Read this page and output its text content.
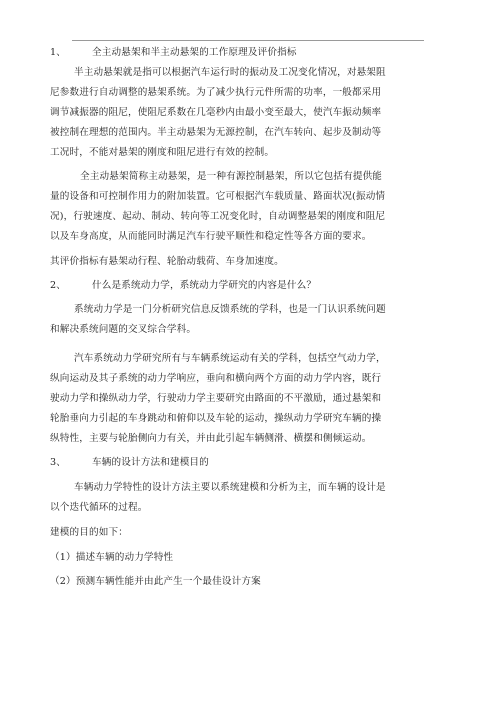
1、	全主动悬架和半主动悬架的工作原理及评价指标
半主动悬架就是指可以根据汽车运行时的振动及工况变化情况，对悬架阻
尼参数进行自动调整的悬架系统。为了减少执行元件所需的功率，一般都采用
调节减振器的阻尼，使阻尼系数在几毫秒内由最小变至最大，使汽车振动频率
被控制在理想的范围内。半主动悬架为无源控制，在汽车转向、起步及制动等
工况时，不能对悬架的刚度和阻尼进行有效的控制。
全主动悬架简称主动悬架，是一种有源控制悬架，所以它包括有提供能
量的设备和可控制作用力的附加装置。它可根据汽车载质量、路面状况(振动情
况)，行驶速度、起动、制动、转向等工况变化时，自动调整悬架的刚度和阻尼
以及车身高度，从而能同时满足汽车行驶平顺性和稳定性等各方面的要求。
其评价指标有悬架动行程、轮胎动载荷、车身加速度。
2、	什么是系统动力学，系统动力学研究的内容是什么？
系统动力学是一门分析研究信息反馈系统的学科，也是一门认识系统问题
和解决系统问题的交叉综合学科。
汽车系统动力学研究所有与车辆系统运动有关的学科，包括空气动力学，
纵向运动及其子系统的动力学响应，垂向和横向两个方面的动力学内容，既行
驶动力学和操纵动力学，行驶动力学主要研究由路面的不平激励，通过悬架和
轮胎垂向力引起的车身跳动和俯仰以及车轮的运动，操纵动力学研究车辆的操
纵特性，主要与轮胎侧向力有关，并由此引起车辆侧滑、横摆和侧倾运动。
3、	车辆的设计方法和建模目的
车辆动力学特性的设计方法主要以系统建模和分析为主，而车辆的设计是
以个迭代循环的过程。
建模的目的如下：
（1）描述车辆的动力学特性
（2）预测车辆性能并由此产生一个最佳设计方案
